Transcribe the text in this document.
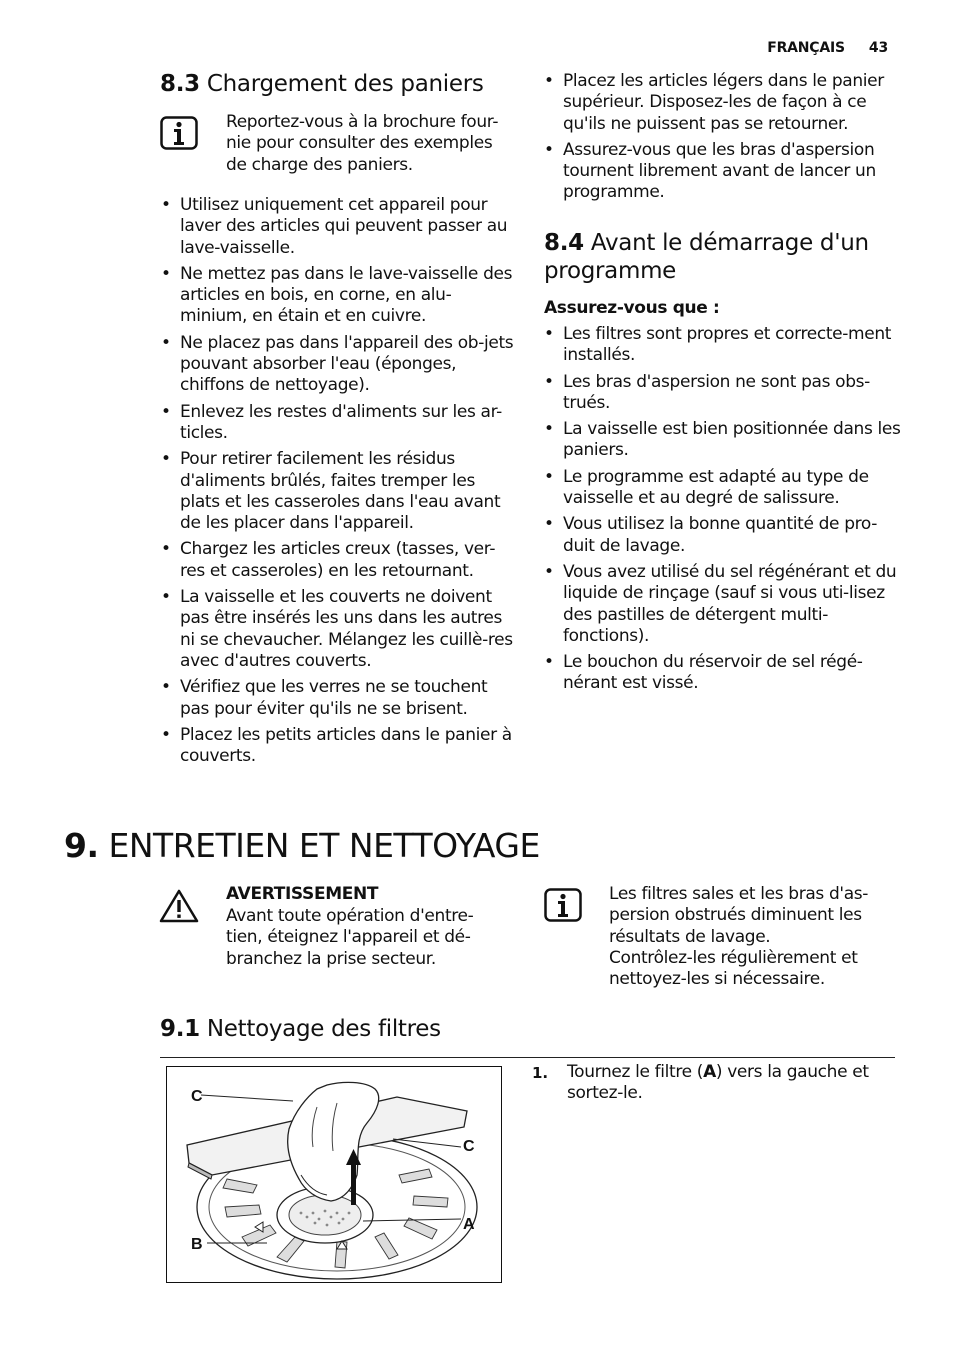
FRANÇAIS 43
8.3 Chargement des paniers
Reportez-vous à la brochure four-
nie pour consulter des exemples
de charge des paniers.
• Utilisez uniquement cet appareil pour laver des articles qui peuvent passer au lave-vaisselle.
• Ne mettez pas dans le lave-vaisselle des articles en bois, en corne, en alu-minium, en étain et en cuivre.
• Ne placez pas dans l'appareil des ob-jets pouvant absorber l'eau (éponges, chiffons de nettoyage).
• Enlevez les restes d'aliments sur les ar-ticles.
• Pour retirer facilement les résidus d'aliments brûlés, faites tremper les plats et les casseroles dans l'eau avant de les placer dans l'appareil.
• Chargez les articles creux (tasses, ver-res et casseroles) en les retournant.
• La vaisselle et les couverts ne doivent pas être insérés les uns dans les autres ni se chevaucher. Mélangez les cuillè-res avec d'autres couverts.
• Vérifiez que les verres ne se touchent pas pour éviter qu'ils ne se brisent.
• Placez les petits articles dans le panier à couverts.
• Placez les articles légers dans le panier supérieur. Disposez-les de façon à ce qu'ils ne puissent pas se retourner.
• Assurez-vous que les bras d'aspersion tournent librement avant de lancer un programme.
8.4 Avant le démarrage d'un programme
Assurez-vous que :
• Les filtres sont propres et correcte-ment installés.
• Les bras d'aspersion ne sont pas obs-trués.
• La vaisselle est bien positionnée dans les paniers.
• Le programme est adapté au type de vaisselle et au degré de salissure.
• Vous utilisez la bonne quantité de pro-duit de lavage.
• Vous avez utilisé du sel régénérant et du liquide de rinçage (sauf si vous uti-lisez des pastilles de détergent multi-fonctions).
• Le bouchon du réservoir de sel régé-nérant est vissé.
9. ENTRETIEN ET NETTOYAGE
AVERTISSEMENT
Avant toute opération d'entre-
tien, éteignez l'appareil et dé-
branchez la prise secteur.
Les filtres sales et les bras d'as-
persion obstrués diminuent les
résultats de lavage.
Contrôlez-les régulièrement et
nettoyez-les si nécessaire.
9.1 Nettoyage des filtres
C
C
A
B
1. Tournez le filtre (A) vers la gauche et sortez-le.
